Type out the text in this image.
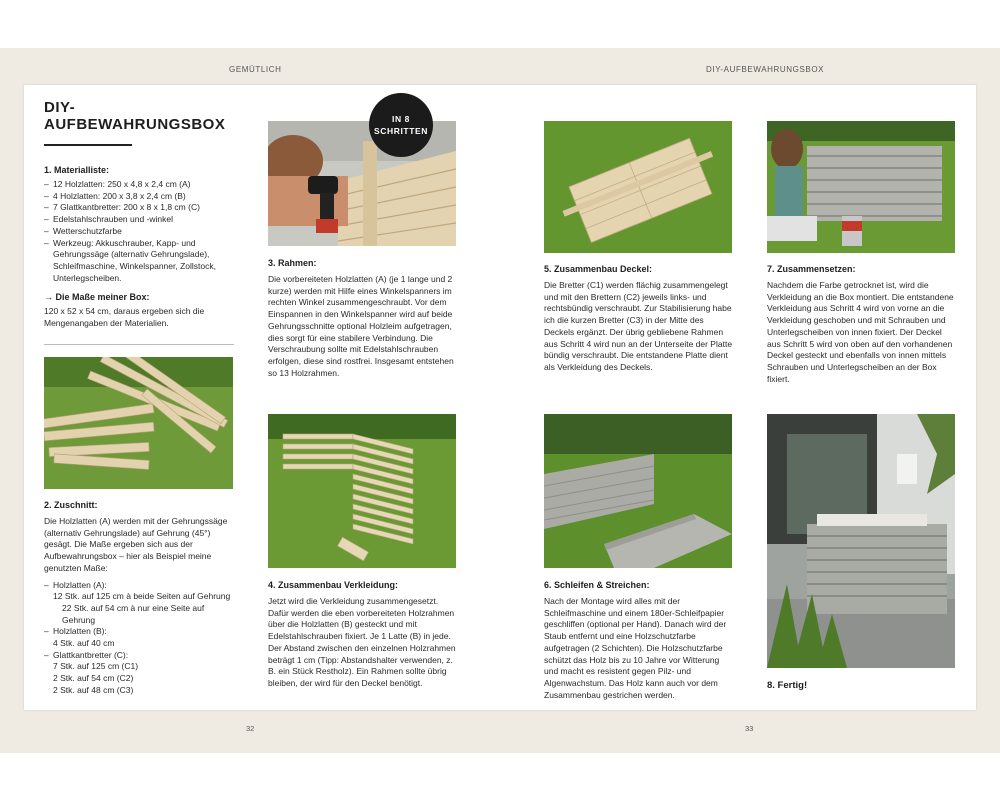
GEMÜTLICH	DIY-AUFBEWAHRUNGSBOX
IN 8
SCHRITTEN
DIY-AUFBEWAHRUNGSBOX
1. Materialliste:
– 12 Holzlatten: 250 x 4,8 x 2,4 cm (A)
– 4 Holzlatten: 200 x 3,8 x 2,4 cm (B)
– 7 Glattkantbretter: 200 x 8 x 1,8 cm (C)
– Edelstahlschrauben und -winkel
– Wetterschutzfarbe
– Werkzeug: Akkuschrauber, Kapp- und Gehrungssäge (alternativ Gehrungslade), Schleifmaschine, Winkelspanner, Zollstock, Unterlegscheiben.
→ Die Maße meiner Box:
120 x 52 x 54 cm, daraus ergeben sich die Mengenangaben der Materialien.
2. Zuschnitt:
Die Holzlatten (A) werden mit der Gehrungssäge (alternativ Gehrungslade) auf Gehrung (45°) gesägt. Die Maße ergeben sich aus der Aufbewahrungsbox – hier als Beispiel meine genutzten Maße:
– Holzlatten (A):
12 Stk. auf 125 cm à beide Seiten auf Gehrung
22 Stk. auf 54 cm à nur eine Seite auf Gehrung
– Holzlatten (B):
4 Stk. auf 40 cm
– Glattkantbretter (C):
7 Stk. auf 125 cm (C1)
2 Stk. auf 54 cm (C2)
2 Stk. auf 48 cm (C3)
3. Rahmen:
Die vorbereiteten Holzlatten (A) (je 1 lange und 2 kurze) werden mit Hilfe eines Winkelspanners im rechten Winkel zusammengeschraubt. Vor dem Einspannen in den Winkelspanner wird auf beide Gehrungsschnitte optional Holzleim aufgetragen, dies sorgt für eine stabilere Verbindung. Die Verschraubung sollte mit Edelstahlschrauben erfolgen, diese sind rostfrei. Insgesamt entstehen so 13 Holzrahmen.
4. Zusammenbau Verkleidung:
Jetzt wird die Verkleidung zusammengesetzt. Dafür werden die eben vorbereiteten Holzrahmen über die Holzlatten (B) gesteckt und mit Edelstahlschrauben fixiert. Je 1 Latte (B) in jede. Der Abstand zwischen den einzelnen Holzrahmen beträgt 1 cm (Tipp: Abstandshalter verwenden, z. B. ein Stück Restholz). Ein Rahmen sollte übrig bleiben, der wird für den Deckel benötigt.
5. Zusammenbau Deckel:
Die Bretter (C1) werden flächig zusammengelegt und mit den Brettern (C2) jeweils links- und rechtsbündig verschraubt. Zur Stabilisierung habe ich die kurzen Bretter (C3) in der Mitte des Deckels ergänzt. Der übrig gebliebene Rahmen aus Schritt 4 wird nun an der Unterseite der Platte bündig verschraubt. Die entstandene Platte dient als Verkleidung des Deckels.
6. Schleifen & Streichen:
Nach der Montage wird alles mit der Schleifmaschine und einem 180er-Schleifpapier geschliffen (optional per Hand). Danach wird der Staub entfernt und eine Holzschutzfarbe aufgetragen (2 Schichten). Die Holzschutzfarbe schützt das Holz bis zu 10 Jahre vor Witterung und macht es resistent gegen Pilz- und Algenwachstum. Das Holz kann auch vor dem Zusammenbau gestrichen werden.
7. Zusammensetzen:
Nachdem die Farbe getrocknet ist, wird die Verkleidung an die Box montiert. Die entstandene Verkleidung aus Schritt 4 wird von vorne an die Verkleidung geschoben und mit Schrauben und Unterlegscheiben von innen fixiert. Der Deckel aus Schritt 5 wird von oben auf den vorhandenen Deckel gesteckt und ebenfalls von innen mittels Schrauben und Unterlegscheiben an der Box fixiert.
8. Fertig!
32	33
